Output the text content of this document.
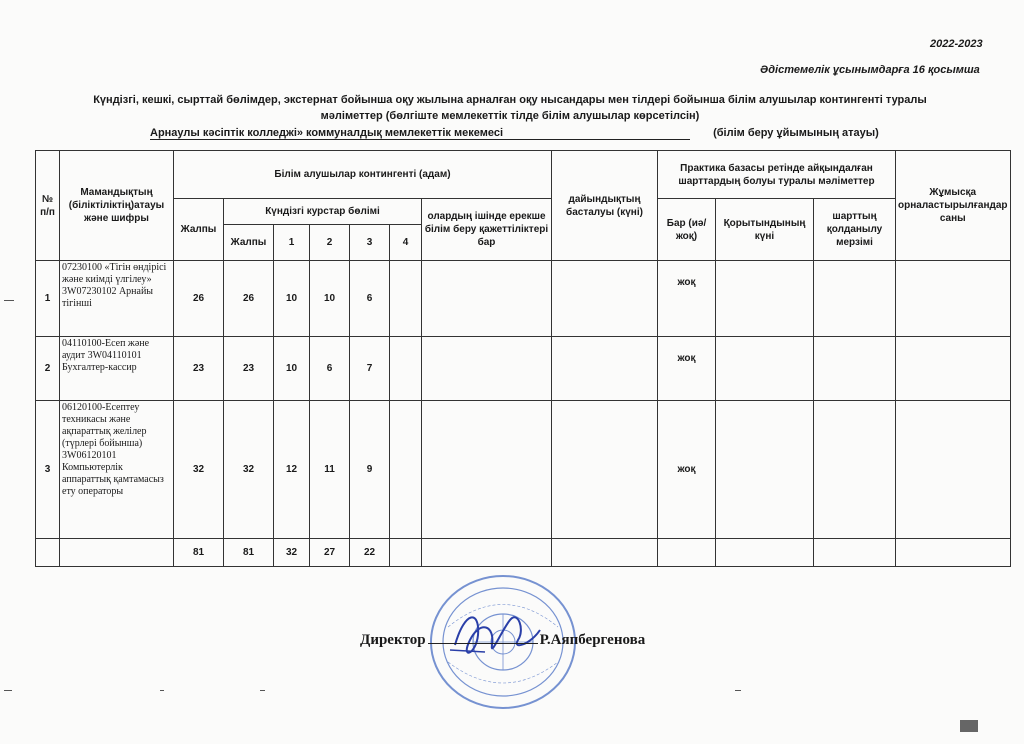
2022-2023
Әдістемелік ұсынымдарға 16 қосымша
Күндізгі, кешкі, сырттай бөлімдер, экстернат бойынша оқу жылына арналған оқу нысандары мен тілдері бойынша білім алушылар контингенті туралы
мәліметтер (бөлгіште мемлекеттік тілде білім алушылар көрсетілсін)
Арнаулы кәсіптік колледжі» коммуналдық мемлекеттік мекемесі	(білім беру ұйымының атауы)
№ п/п	Мамандықтың (біліктіліктің)атауы және шифры	Білім алушылар контингенті (адам)							дайындықтың басталуы (күні)	Практика базасы ретінде айқындалған шарттардың болуы туралы мәліметтер			Жұмысқа орналастырылғандар саны
		Жалпы	Күндізгі курстар бөлімі					олардың ішінде ерекше білім беру қажеттіліктері бар		Бар (иә/жоқ)	Қорытындының күні	шарттың қолданылу мерзімі	
			Жалпы	1	2	3	4						
1	07230100 «Тігін өндірісі және киімді үлгілеу» 3W07230102 Арнайы тігінші	26	26	10	10	6				жоқ			
2	04110100-Есеп және аудит 3W04110101 Бухгалтер-кассир	23	23	10	6	7				жоқ			
3	06120100-Есептеу техникасы және ақпараттық желілер (түрлері бойынша) 3W06120101 Компьютерлік аппараттық қамтамасыз ету операторы	32	32	12	11	9				жоқ			
		81	81	32	27	22							
Директор	Р.Аяпбергенова
